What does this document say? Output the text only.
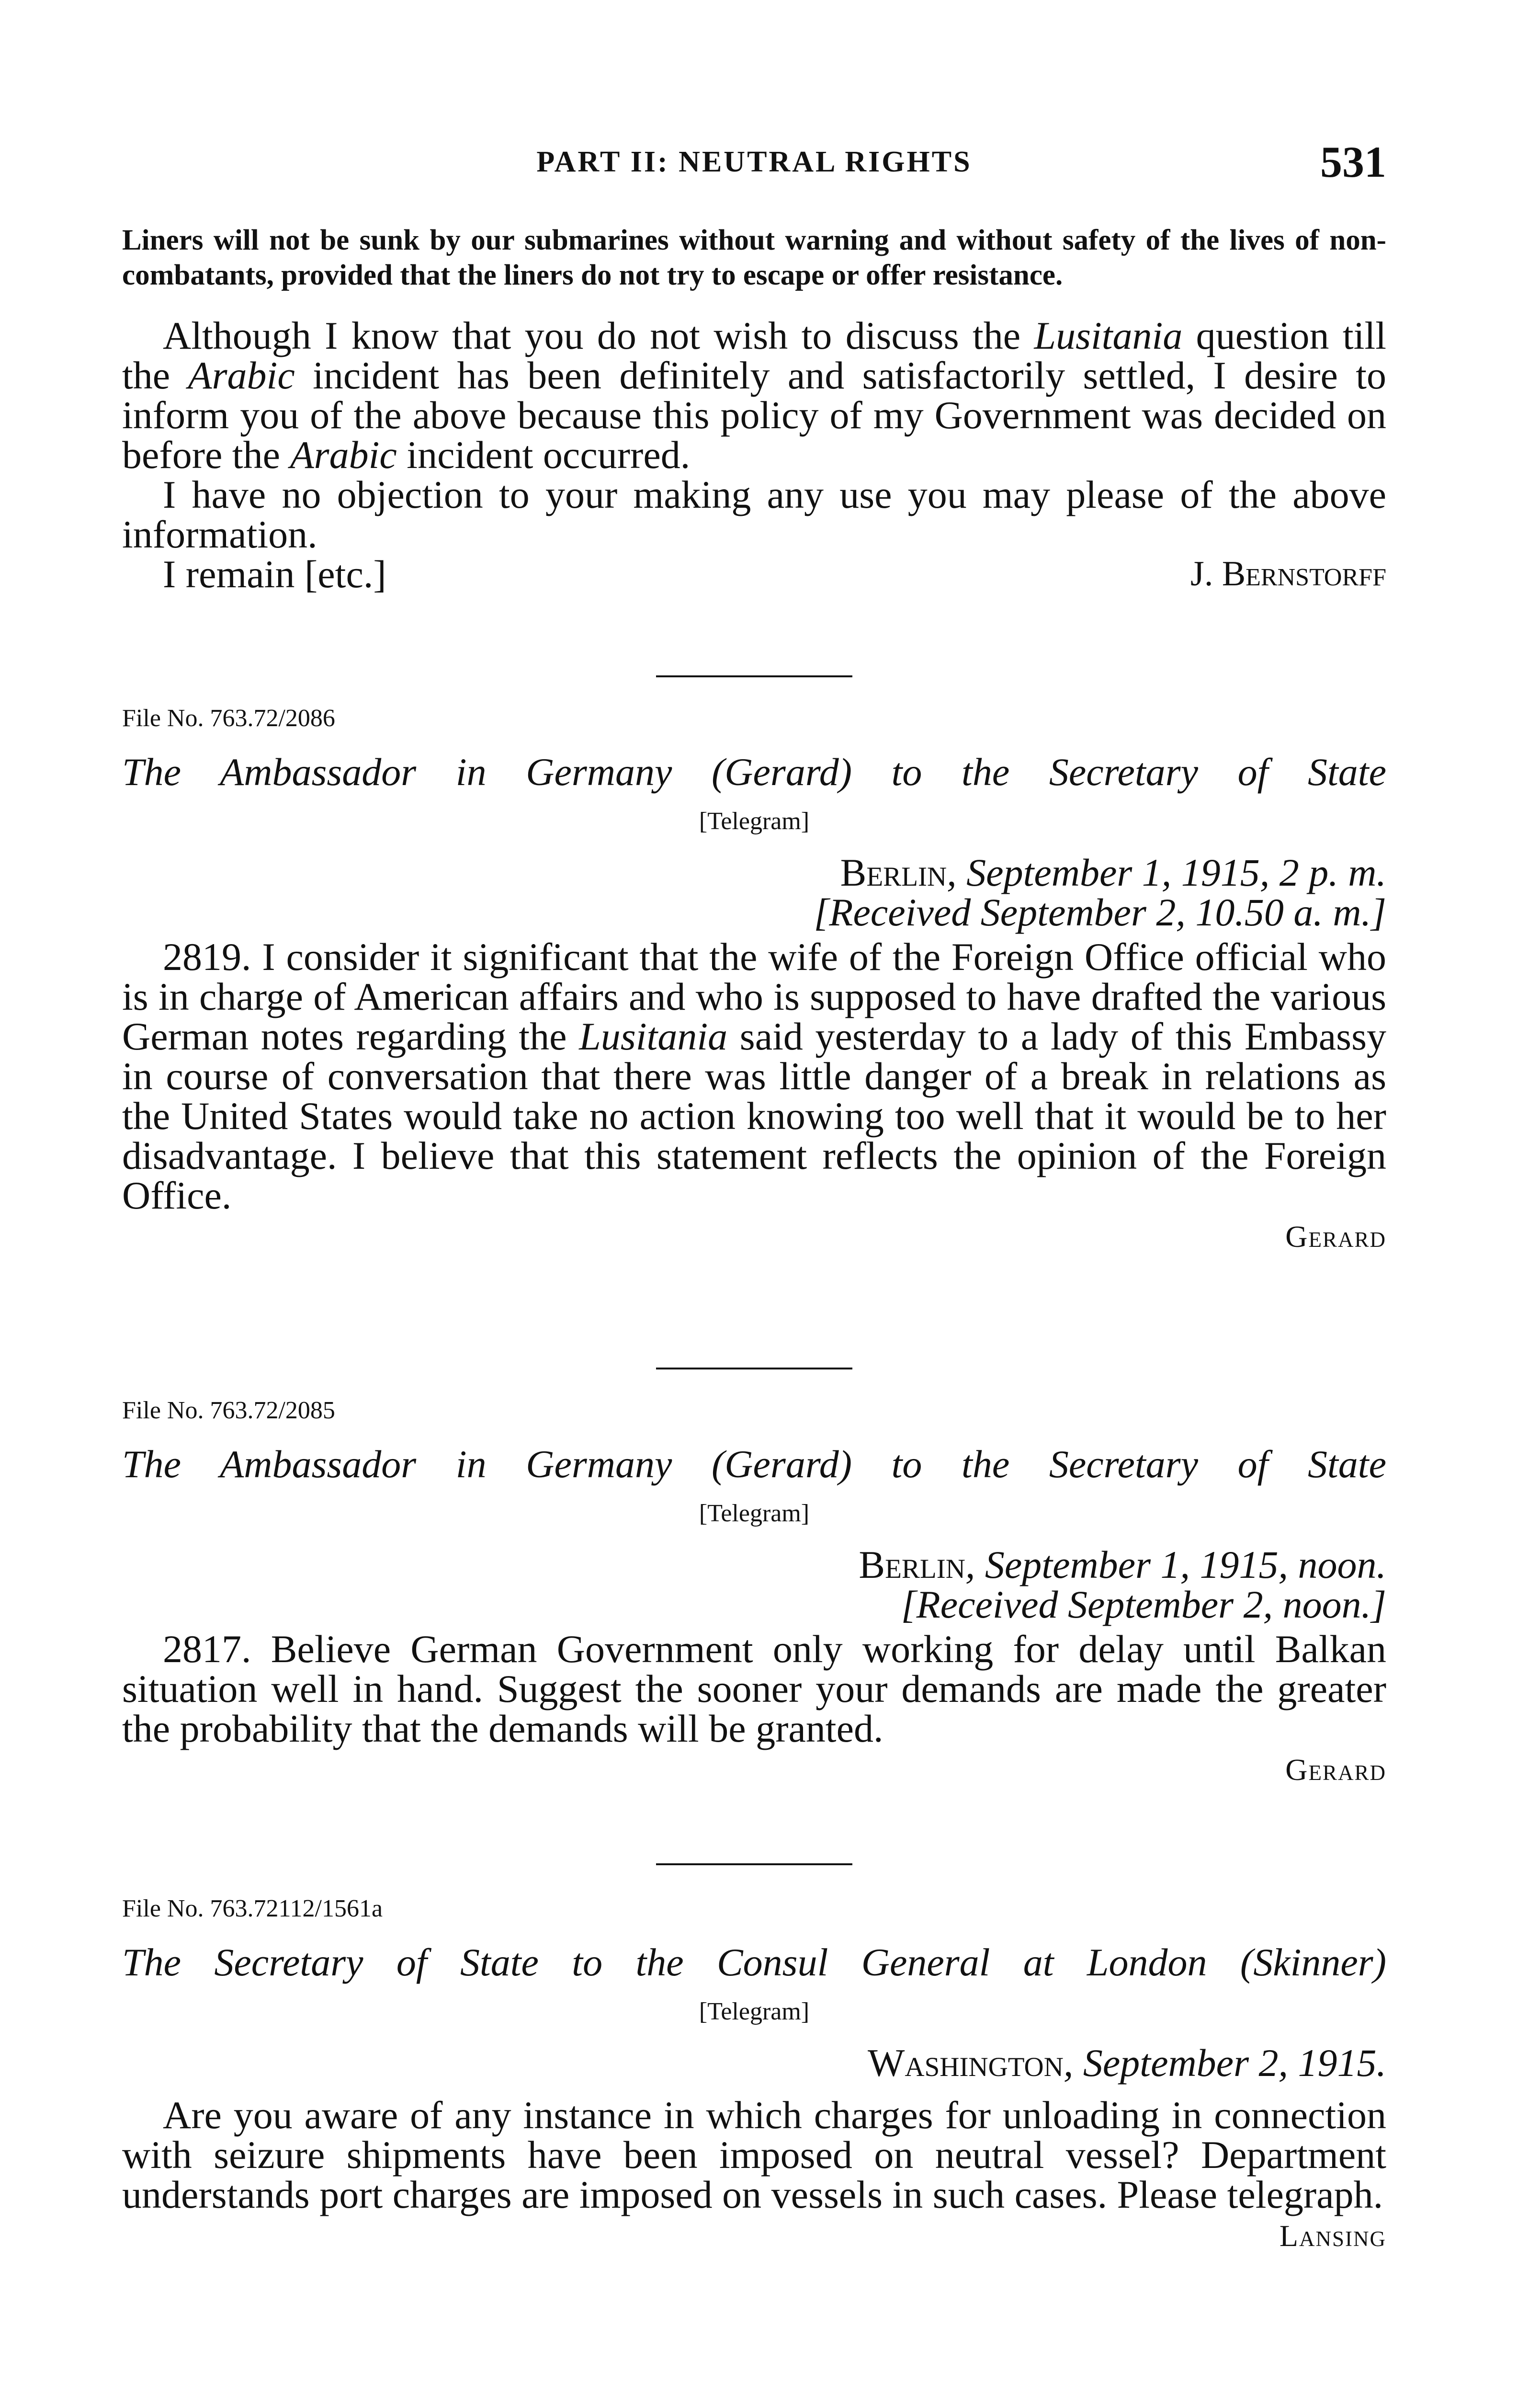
PART II: NEUTRAL RIGHTS	531

Liners will not be sunk by our submarines without warning and without safety of the lives of non-combatants, provided that the liners do not try to escape or offer resistance.

Although I know that you do not wish to discuss the Lusitania question till the Arabic incident has been definitely and satisfactorily settled, I desire to inform you of the above because this policy of my Government was decided on before the Arabic incident occurred.

I have no objection to your making any use you may please of the above information.

I remain [etc.]	J. Bernstorff

File No. 763.72/2086

The Ambassador in Germany (Gerard) to the Secretary of State

[Telegram]

Berlin, September 1, 1915, 2 p. m.
[Received September 2, 10.50 a. m.]

2819. I consider it significant that the wife of the Foreign Office official who is in charge of American affairs and who is supposed to have drafted the various German notes regarding the Lusitania said yesterday to a lady of this Embassy in course of conversation that there was little danger of a break in relations as the United States would take no action knowing too well that it would be to her disadvantage. I believe that this statement reflects the opinion of the Foreign Office.

Gerard

File No. 763.72/2085

The Ambassador in Germany (Gerard) to the Secretary of State

[Telegram]

Berlin, September 1, 1915, noon.
[Received September 2, noon.]

2817. Believe German Government only working for delay until Balkan situation well in hand. Suggest the sooner your demands are made the greater the probability that the demands will be granted.

Gerard

File No. 763.72112/1561a

The Secretary of State to the Consul General at London (Skinner)

[Telegram]

Washington, September 2, 1915.

Are you aware of any instance in which charges for unloading in connection with seizure shipments have been imposed on neutral vessel? Department understands port charges are imposed on vessels in such cases. Please telegraph.

Lansing
